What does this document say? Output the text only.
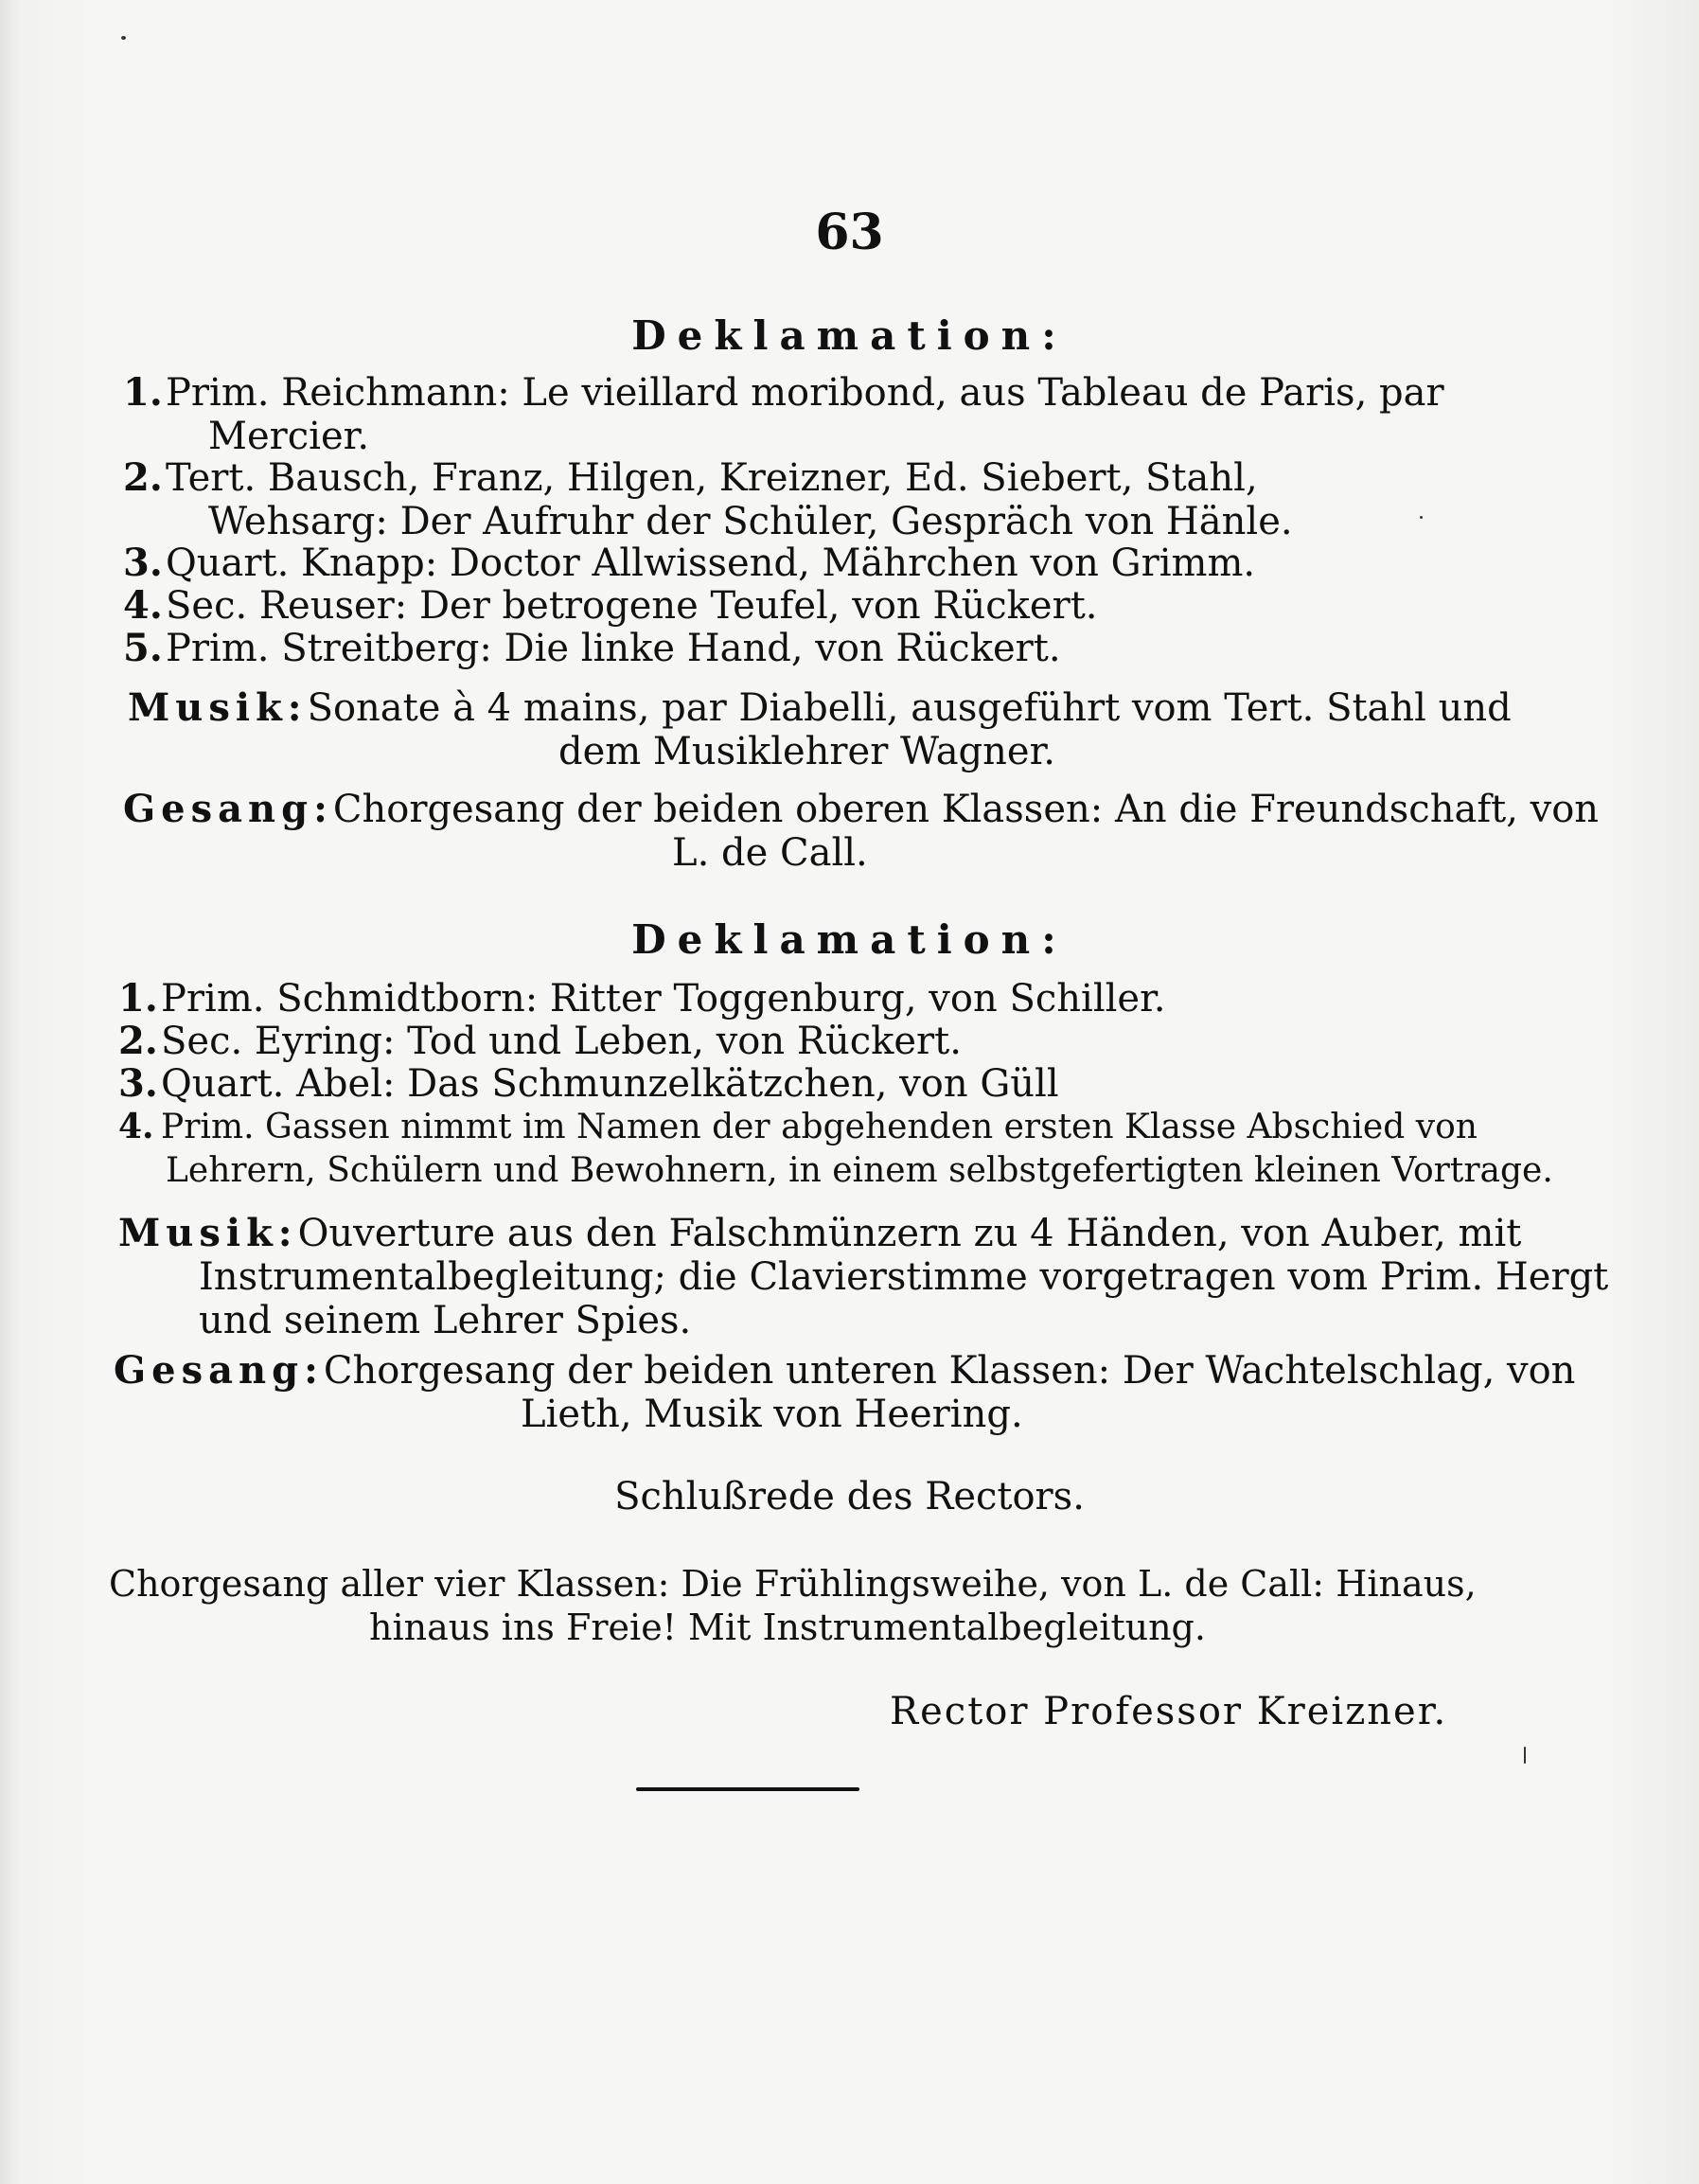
63
Deklamation:
1.Prim. Reichmann: Le vieillard moribond, aus Tableau de Paris, par
Mercier.
2.Tert. Bausch, Franz, Hilgen, Kreizner, Ed. Siebert, Stahl,
Wehsarg: Der Aufruhr der Schüler, Gespräch von Hänle.
3.Quart. Knapp: Doctor Allwissend, Mährchen von Grimm.
4.Sec. Reuser: Der betrogene Teufel, von Rückert.
5.Prim. Streitberg: Die linke Hand, von Rückert.
Musik: Sonate à 4 mains, par Diabelli, ausgeführt vom Tert. Stahl und
dem Musiklehrer Wagner.
Gesang: Chorgesang der beiden oberen Klassen: An die Freundschaft, von
L. de Call.
Deklamation:
1.Prim. Schmidtborn: Ritter Toggenburg, von Schiller.
2.Sec. Eyring: Tod und Leben, von Rückert.
3.Quart. Abel: Das Schmunzelkätzchen, von Güll
4. Prim. Gassen nimmt im Namen der abgehenden ersten Klasse Abschied von
Lehrern, Schülern und Bewohnern, in einem selbstgefertigten kleinen Vortrage.
Musik: Ouverture aus den Falschmünzern zu 4 Händen, von Auber, mit
Instrumentalbegleitung; die Clavierstimme vorgetragen vom Prim. Hergt
und seinem Lehrer Spies.
Gesang: Chorgesang der beiden unteren Klassen: Der Wachtelschlag, von
Lieth, Musik von Heering.
Schlußrede des Rectors.
Chorgesang aller vier Klassen: Die Frühlingsweihe, von L. de Call: Hinaus,
hinaus ins Freie! Mit Instrumentalbegleitung.
Rector Professor Kreizner.
